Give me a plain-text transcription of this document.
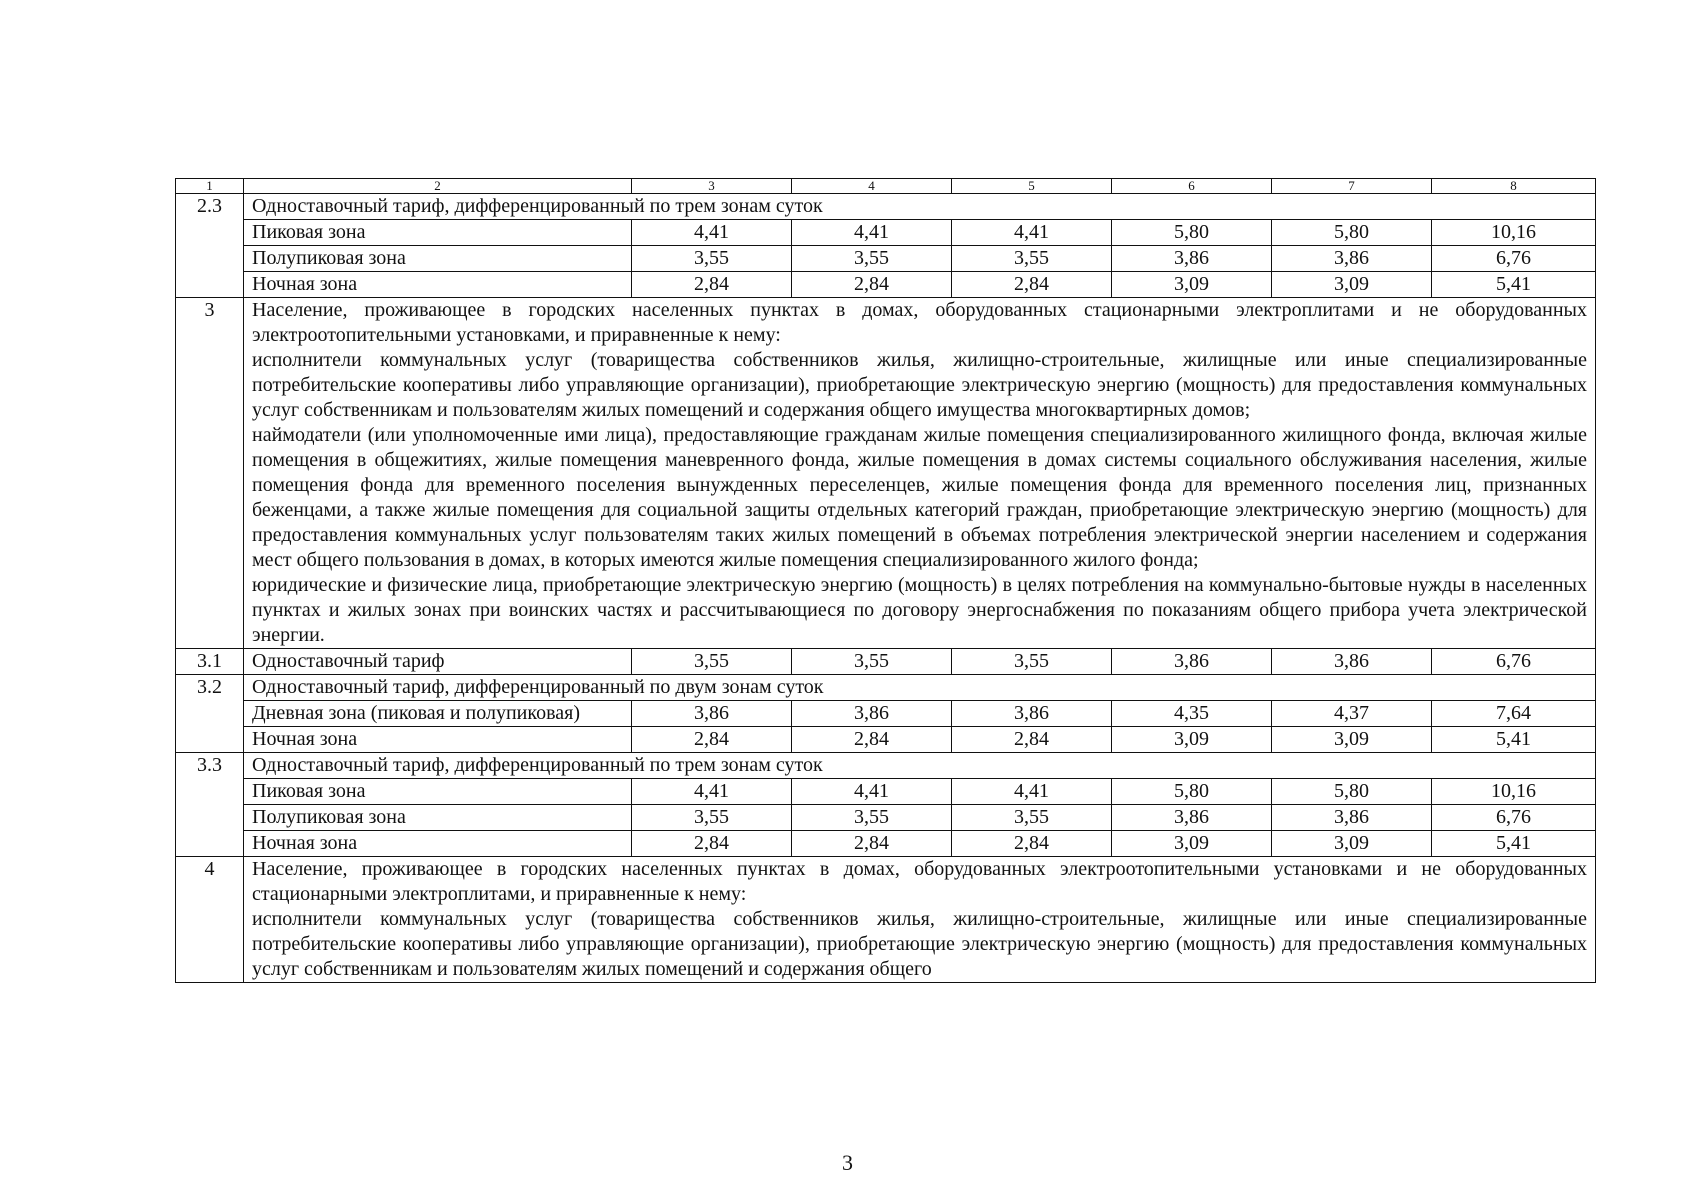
1	2	3	4	5	6	7	8
2.3	Одноставочный тариф, дифференцированный по трем зонам суток						
	Пиковая зона	4,41	4,41	4,41	5,80	5,80	10,16
	Полупиковая зона	3,55	3,55	3,55	3,86	3,86	6,76
	Ночная зона	2,84	2,84	2,84	3,09	3,09	5,41
3	Население, проживающее в городских населенных пунктах в домах, оборудованных стационарными электроплитами и не оборудованных электроотопительными установками, и приравненные к нему:
исполнители коммунальных услуг (товарищества собственников жилья, жилищно-строительные, жилищные или иные специализированные потребительские кооперативы либо управляющие организации), приобретающие электрическую энергию (мощность) для предоставления коммунальных услуг собственникам и пользователям жилых помещений и содержания общего имущества многоквартирных домов;
наймодатели (или уполномоченные ими лица), предоставляющие гражданам жилые помещения специализированного жилищного фонда, включая жилые помещения в общежитиях, жилые помещения маневренного фонда, жилые помещения в домах системы социального обслуживания населения, жилые помещения фонда для временного поселения вынужденных переселенцев, жилые помещения фонда для временного поселения лиц, признанных беженцами, а также жилые помещения для социальной защиты отдельных категорий граждан, приобретающие электрическую энергию (мощность) для предоставления коммунальных услуг пользователям таких жилых помещений в объемах потребления электрической энергии населением и содержания мест общего пользования в домах, в которых имеются жилые помещения специализированного жилого фонда;
юридические и физические лица, приобретающие электрическую энергию (мощность) в целях потребления на коммунально-бытовые нужды в населенных пунктах и жилых зонах при воинских частях и рассчитывающиеся по договору энергоснабжения по показаниям общего прибора учета электрической энергии.						

3.1	Одноставочный тариф	3,55	3,55	3,55	3,86	3,86	6,76
3.2	Одноставочный тариф, дифференцированный по двум зонам суток						
	Дневная зона (пиковая и полупиковая)	3,86	3,86	3,86	4,35	4,37	7,64
	Ночная зона	2,84	2,84	2,84	3,09	3,09	5,41
3.3	Одноставочный тариф, дифференцированный по трем зонам суток						
	Пиковая зона	4,41	4,41	4,41	5,80	5,80	10,16
	Полупиковая зона	3,55	3,55	3,55	3,86	3,86	6,76
	Ночная зона	2,84	2,84	2,84	3,09	3,09	5,41
4	Население, проживающее в городских населенных пунктах в домах, оборудованных электроотопительными установками и не оборудованных стационарными электроплитами, и приравненные к нему:
исполнители коммунальных услуг (товарищества собственников жилья, жилищно-строительные, жилищные или иные специализированные потребительские кооперативы либо управляющие организации), приобретающие электрическую энергию (мощность) для предоставления коммунальных услуг собственникам и пользователям жилых помещений и содержания общего						
3
